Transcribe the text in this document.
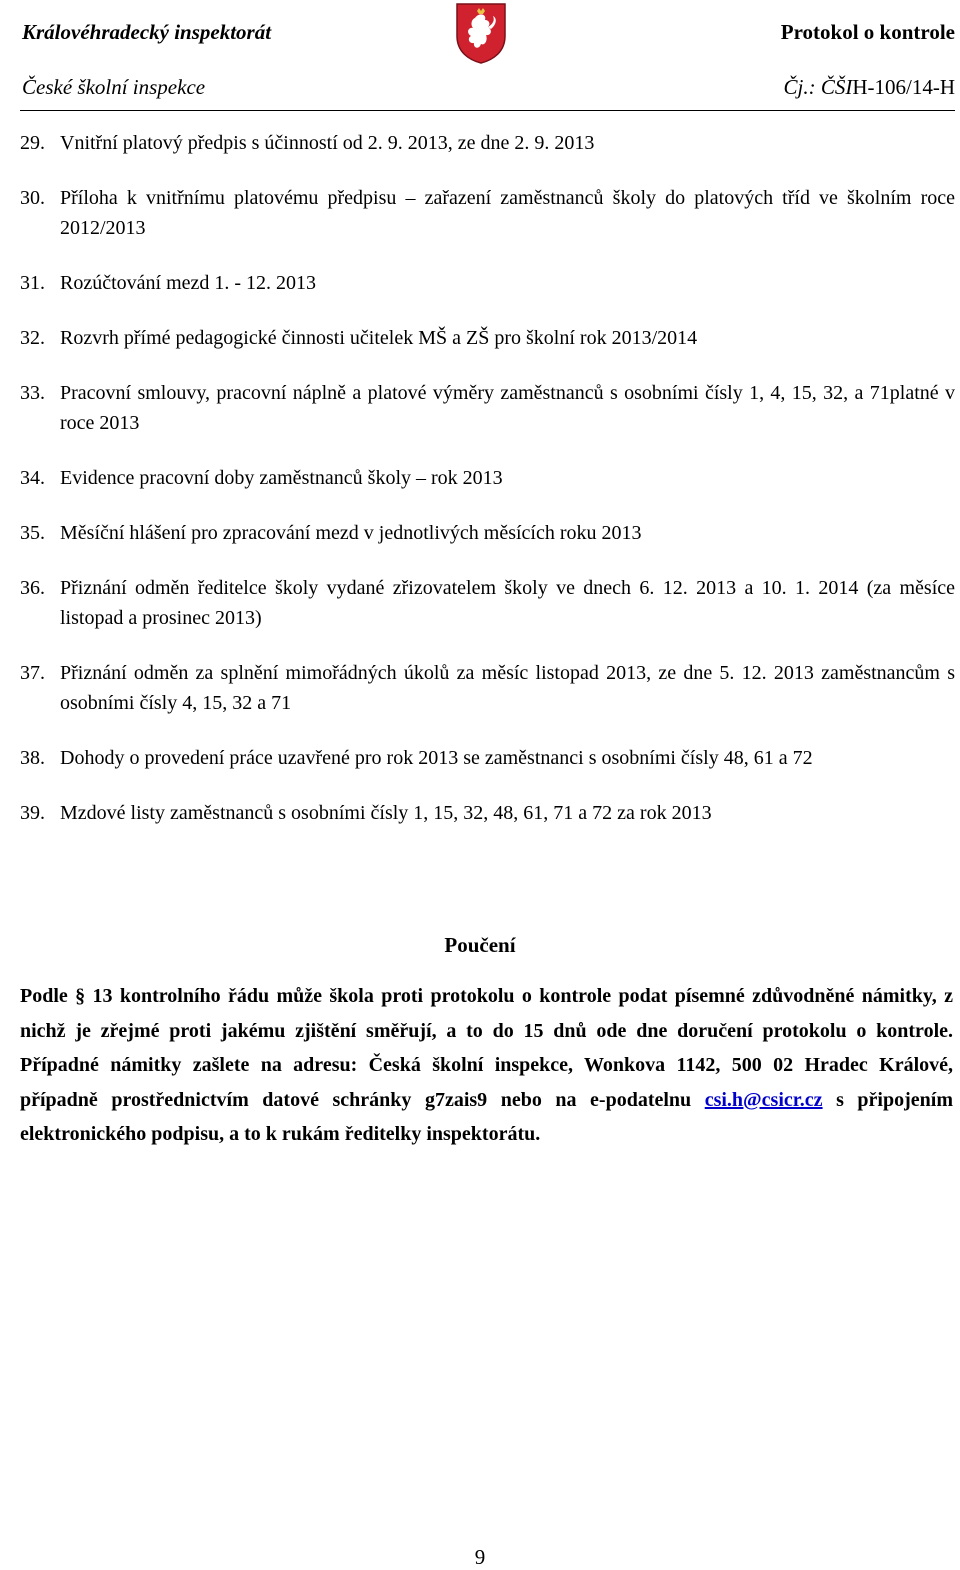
Královéhradecký inspektorát
České školní inspekce
Protokol o kontrole
Čj.: ČŠIH-106/14-H
29. Vnitřní platový předpis s účinností od 2. 9. 2013, ze dne 2. 9. 2013
30. Příloha k vnitřnímu platovému předpisu – zařazení zaměstnanců školy do platových tříd ve školním roce 2012/2013
31. Rozúčtování mezd 1. - 12. 2013
32. Rozvrh přímé pedagogické činnosti učitelek MŠ a ZŠ pro školní rok 2013/2014
33. Pracovní smlouvy, pracovní náplně a platové výměry zaměstnanců s osobními čísly 1, 4, 15, 32, a 71platné v roce 2013
34. Evidence pracovní doby zaměstnanců školy – rok 2013
35. Měsíční hlášení pro zpracování mezd v jednotlivých měsících roku 2013
36. Přiznání odměn ředitelce školy vydané zřizovatelem školy ve dnech 6. 12. 2013 a 10. 1. 2014 (za měsíce listopad a prosinec 2013)
37. Přiznání odměn za splnění mimořádných úkolů za měsíc listopad 2013, ze dne 5. 12. 2013 zaměstnancům s osobními čísly 4, 15, 32 a 71
38. Dohody o provedení práce uzavřené pro rok 2013 se zaměstnanci s osobními čísly 48, 61 a 72
39. Mzdové listy zaměstnanců s osobními čísly 1, 15, 32, 48, 61, 71 a 72 za rok 2013
Poučení

Podle § 13 kontrolního řádu může škola proti protokolu o kontrole podat písemné zdůvodněné námitky, z nichž je zřejmé proti jakému zjištění směřují, a to do 15 dnů ode dne doručení protokolu o kontrole. Případné námitky zašlete na adresu: Česká školní inspekce, Wonkova 1142, 500 02 Hradec Králové, případně prostřednictvím datové schránky g7zais9 nebo na e-podatelnu csi.h@csicr.cz s připojením elektronického podpisu, a to k rukám ředitelky inspektorátu.

9
